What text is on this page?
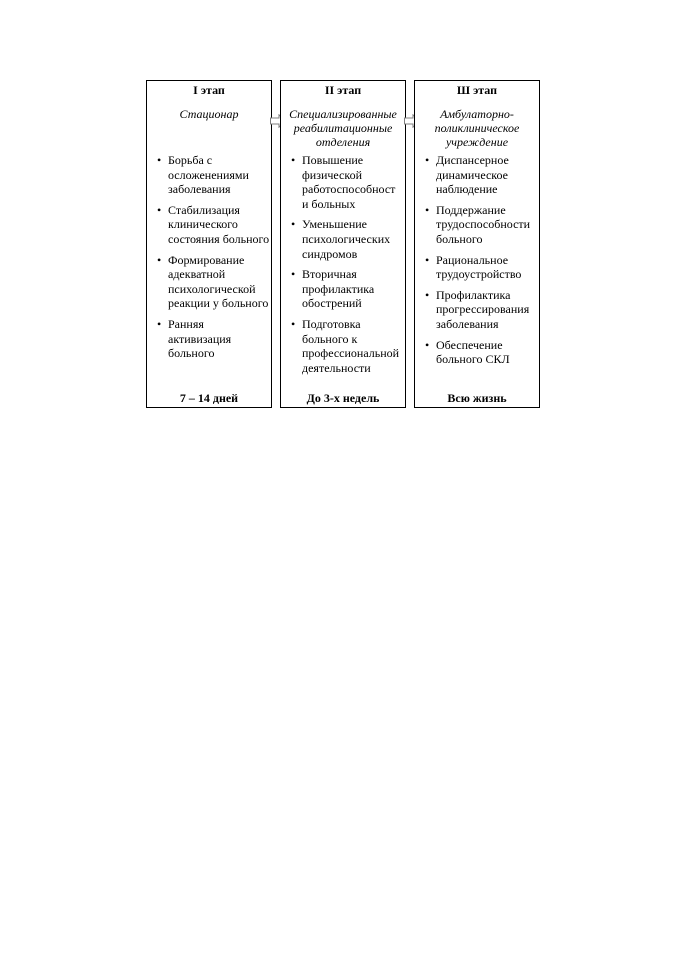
I этап
Стационар
• Борьба с осложенениями заболевания
• Стабилизация клинического состояния больного
• Формирование адекватной психологической реакции у больного
• Ранняя активизация больного
7 – 14 дней
II этап
Специализированные реабилитационные отделения
• Повышение физической работоспособност и больных
• Уменьшение психологических синдромов
• Вторичная профилактика обострений
• Подготовка больного к профессиональной деятельности
До 3-х недель
Ш этап
Амбулаторно-поликлиническое учреждение
• Диспансерное динамическое наблюдение
• Поддержание трудоспособности больного
• Рациональное трудоустройство
• Профилактика прогрессирования заболевания
• Обеспечение больного СКЛ
Всю жизнь
